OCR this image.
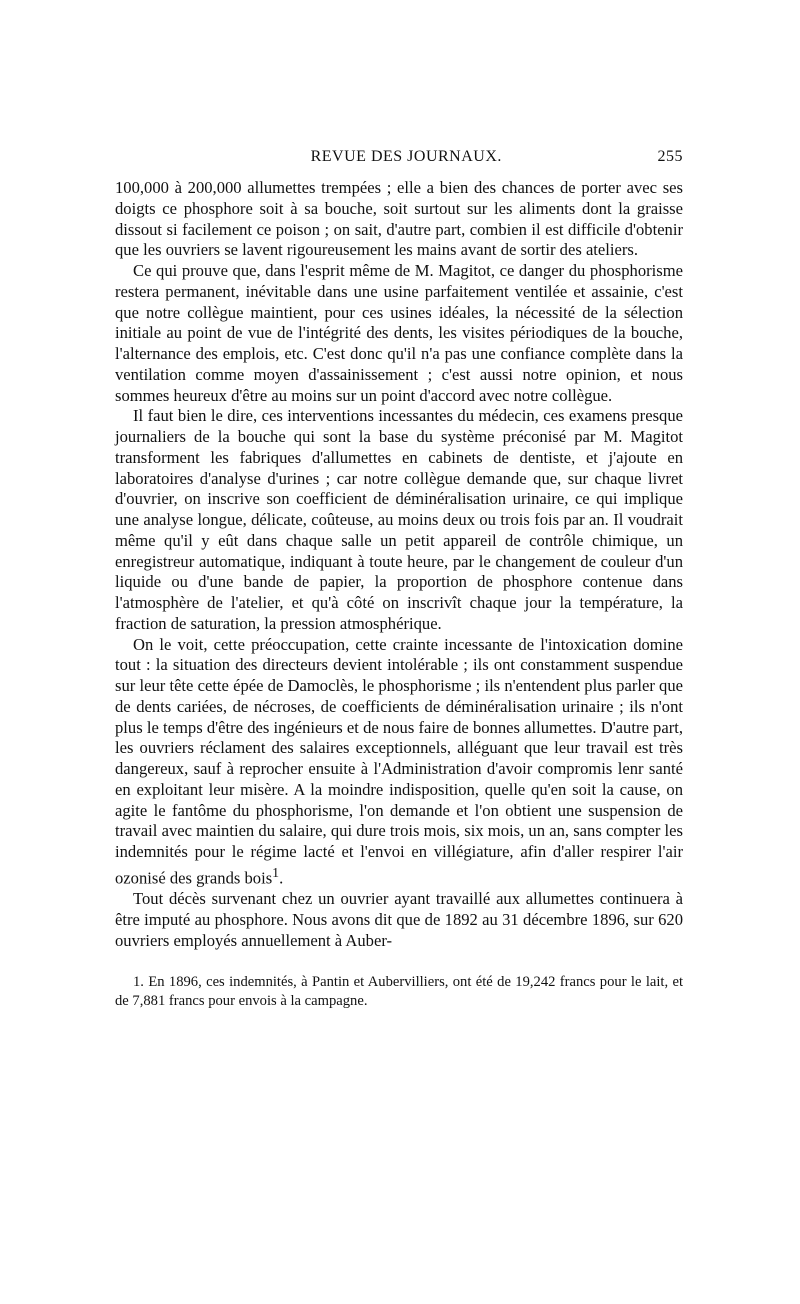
REVUE DES JOURNAUX.	255

100,000 à 200,000 allumettes trempées ; elle a bien des chances de porter avec ses doigts ce phosphore soit à sa bouche, soit surtout sur les aliments dont la graisse dissout si facilement ce poison ; on sait, d'autre part, combien il est difficile d'obtenir que les ouvriers se lavent rigoureusement les mains avant de sortir des ateliers.

Ce qui prouve que, dans l'esprit même de M. Magitot, ce danger du phosphorisme restera permanent, inévitable dans une usine parfaitement ventilée et assainie, c'est que notre collègue maintient, pour ces usines idéales, la nécessité de la sélection initiale au point de vue de l'intégrité des dents, les visites périodiques de la bouche, l'alternance des emplois, etc. C'est donc qu'il n'a pas une confiance complète dans la ventilation comme moyen d'assainissement ; c'est aussi notre opinion, et nous sommes heureux d'être au moins sur un point d'accord avec notre collègue.

Il faut bien le dire, ces interventions incessantes du médecin, ces examens presque journaliers de la bouche qui sont la base du système préconisé par M. Magitot transforment les fabriques d'allumettes en cabinets de dentiste, et j'ajoute en laboratoires d'analyse d'urines ; car notre collègue demande que, sur chaque livret d'ouvrier, on inscrive son coefficient de déminéralisation urinaire, ce qui implique une analyse longue, délicate, coûteuse, au moins deux ou trois fois par an. Il voudrait même qu'il y eût dans chaque salle un petit appareil de contrôle chimique, un enregistreur automatique, indiquant à toute heure, par le changement de couleur d'un liquide ou d'une bande de papier, la proportion de phosphore contenue dans l'atmosphère de l'atelier, et qu'à côté on inscrivît chaque jour la température, la fraction de saturation, la pression atmosphérique.

On le voit, cette préoccupation, cette crainte incessante de l'intoxication domine tout : la situation des directeurs devient intolérable ; ils ont constamment suspendue sur leur tête cette épée de Damoclès, le phosphorisme ; ils n'entendent plus parler que de dents cariées, de nécroses, de coefficients de déminéralisation urinaire ; ils n'ont plus le temps d'être des ingénieurs et de nous faire de bonnes allumettes. D'autre part, les ouvriers réclament des salaires exceptionnels, alléguant que leur travail est très dangereux, sauf à reprocher ensuite à l'Administration d'avoir compromis lenr santé en exploitant leur misère. A la moindre indisposition, quelle qu'en soit la cause, on agite le fantôme du phosphorisme, l'on demande et l'on obtient une suspension de travail avec maintien du salaire, qui dure trois mois, six mois, un an, sans compter les indemnités pour le régime lacté et l'envoi en villégiature, afin d'aller respirer l'air ozonisé des grands bois$^1$.

Tout décès survenant chez un ouvrier ayant travaillé aux allumettes continuera à être imputé au phosphore. Nous avons dit que de 1892 au 31 décembre 1896, sur 620 ouvriers employés annuellement à Auber-

1. En 1896, ces indemnités, à Pantin et Aubervilliers, ont été de 19,242 francs pour le lait, et de 7,881 francs pour envois à la campagne.
